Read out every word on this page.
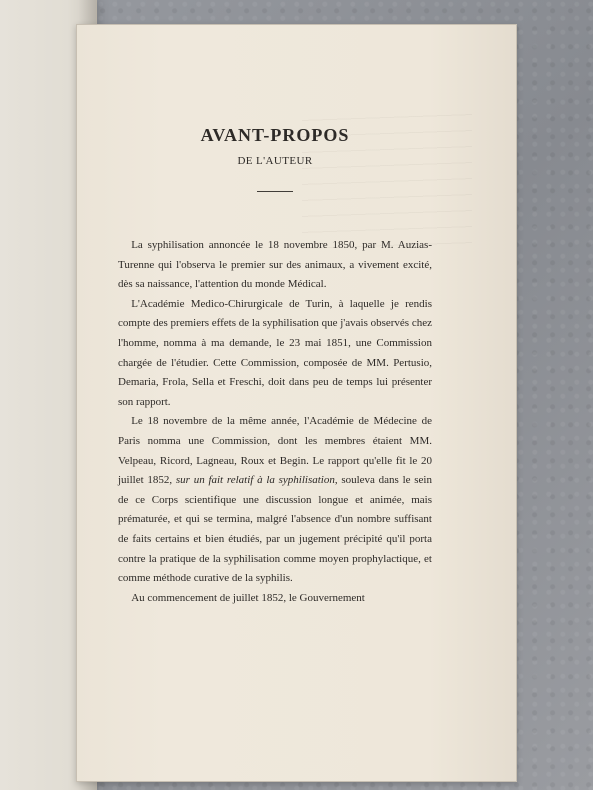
AVANT-PROPOS
DE L'AUTEUR

La syphilisation annoncée le 18 novembre 1850, par M. Auzias-Turenne qui l'observa le premier sur des animaux, a vivement excité, dès sa naissance, l'attention du monde Médical.

L'Académie Medico-Chirurgicale de Turin, à laquelle je rendis compte des premiers effets de la syphilisation que j'avais observés chez l'homme, nomma à ma demande, le 23 mai 1851, une Commission chargée de l'étudier. Cette Commission, composée de MM. Pertusio, Demaria, Frola, Sella et Freschi, doit dans peu de temps lui présenter son rapport.

Le 18 novembre de la même année, l'Académie de Médecine de Paris nomma une Commission, dont les membres étaient MM. Velpeau, Ricord, Lagneau, Roux et Begin. Le rapport qu'elle fit le 20 juillet 1852, sur un fait relatif à la syphilisation, souleva dans le sein de ce Corps scientifique une discussion longue et animée, mais prématurée, et qui se termina, malgré l'absence d'un nombre suffisant de faits certains et bien étudiés, par un jugement précipité qu'il porta contre la pratique de la syphilisation comme moyen prophylactique, et comme méthode curative de la syphilis.

Au commencement de juillet 1852, le Gouvernement
